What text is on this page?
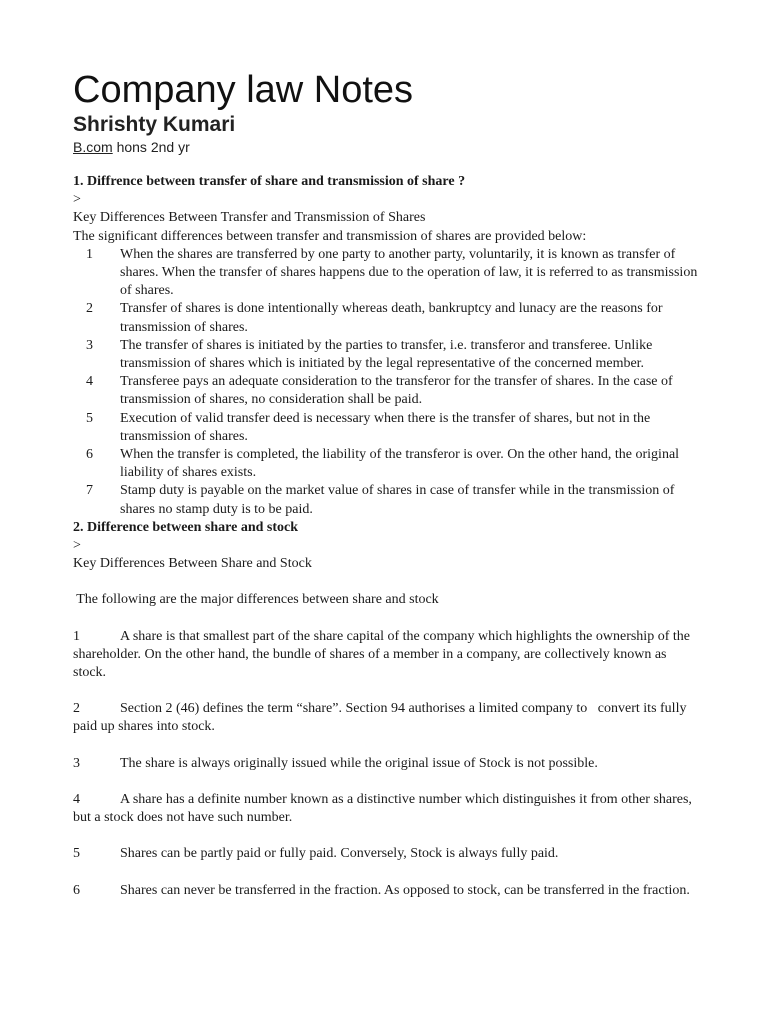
Company law Notes
Shrishty Kumari
B.com hons 2nd yr
1. Diffrence between transfer of share and transmission of share ?
>
Key Differences Between Transfer and Transmission of Shares
The significant differences between transfer and transmission of shares are provided below:
1 When the shares are transferred by one party to another party, voluntarily, it is known as transfer of shares. When the transfer of shares happens due to the operation of law, it is referred to as transmission of shares.
2 Transfer of shares is done intentionally whereas death, bankruptcy and lunacy are the reasons for transmission of shares.
3 The transfer of shares is initiated by the parties to transfer, i.e. transferor and transferee. Unlike transmission of shares which is initiated by the legal representative of the concerned member.
4 Transferee pays an adequate consideration to the transferor for the transfer of shares. In the case of transmission of shares, no consideration shall be paid.
5 Execution of valid transfer deed is necessary when there is the transfer of shares, but not in the transmission of shares.
6 When the transfer is completed, the liability of the transferor is over. On the other hand, the original liability of shares exists.
7 Stamp duty is payable on the market value of shares in case of transfer while in the transmission of shares no stamp duty is to be paid.
2. Difference between share and stock
>
Key Differences Between Share and Stock
The following are the major differences between share and stock
1	A share is that smallest part of the share capital of the company which highlights the ownership of the shareholder. On the other hand, the bundle of shares of a member in a company, are collectively known as stock.
2	Section 2 (46) defines the term “share”. Section 94 authorises a limited company to   convert its fully paid up shares into stock.
3	The share is always originally issued while the original issue of Stock is not possible.
4	A share has a definite number known as a distinctive number which distinguishes it from other shares, but a stock does not have such number.
5	Shares can be partly paid or fully paid. Conversely, Stock is always fully paid.
6	Shares can never be transferred in the fraction. As opposed to stock, can be transferred in the fraction.
